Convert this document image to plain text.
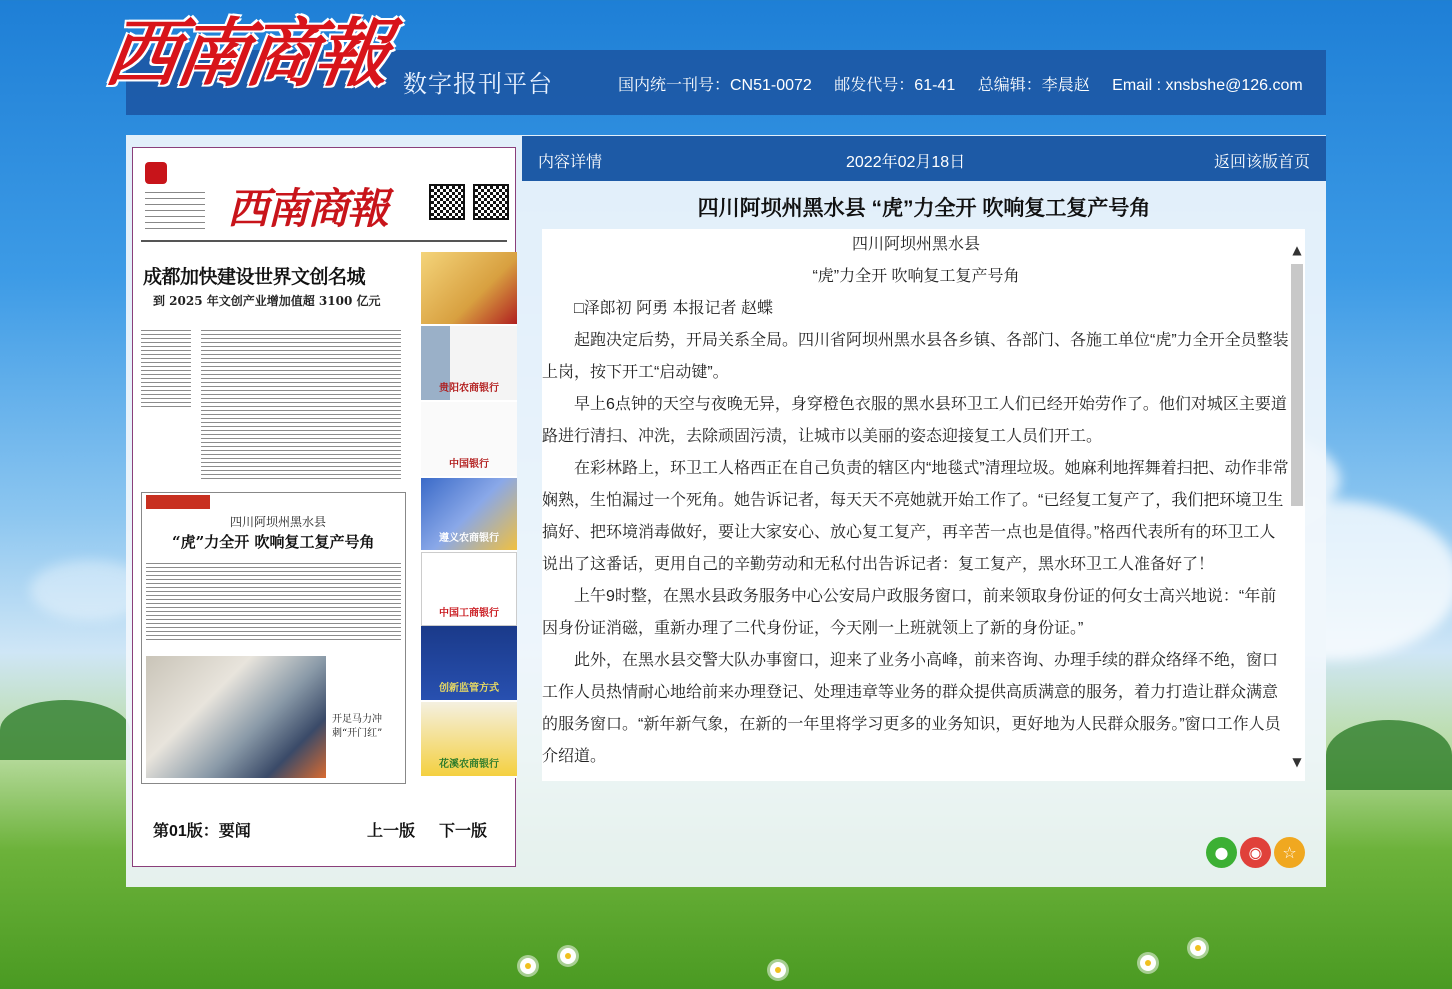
西南商報 数字报刊平台	国内统一刊号：CN51-0072 邮发代号：61-41 总编辑：李晨赵 Email : xnsbshe@126.com
西南商報
成都加快建设世界文创名城
到 2025 年文创产业增加值超 3100 亿元
四川阿坝州黑水县
“虎”力全开 吹响复工复产号角
开足马力冲刺“开门红”
贵阳农商银行
中国银行
遵义农商银行
中国工商银行
创新监管方式
花溪农商银行
第01版：要闻	上一版 下一版
内容详情	2022年02月18日	返回该版首页
四川阿坝州黑水县 “虎”力全开 吹响复工复产号角

四川阿坝州黑水县

“虎”力全开 吹响复工复产号角

□泽郎初 阿勇 本报记者 赵蝶

起跑决定后势，开局关系全局。四川省阿坝州黑水县各乡镇、各部门、各施工单位“虎”力全开全员整装上岗，按下开工“启动键”。

早上6点钟的天空与夜晚无异，身穿橙色衣服的黑水县环卫工人们已经开始劳作了。他们对城区主要道路进行清扫、冲洗，去除顽固污渍，让城市以美丽的姿态迎接复工人员们开工。

在彩林路上，环卫工人格西正在自己负责的辖区内“地毯式”清理垃圾。她麻利地挥舞着扫把、动作非常娴熟，生怕漏过一个死角。她告诉记者，每天天不亮她就开始工作了。“已经复工复产了，我们把环境卫生搞好、把环境消毒做好，要让大家安心、放心复工复产，再辛苦一点也是值得。”格西代表所有的环卫工人说出了这番话，更用自己的辛勤劳动和无私付出告诉记者：复工复产，黑水环卫工人准备好了！

上午9时整，在黑水县政务服务中心公安局户政服务窗口，前来领取身份证的何女士高兴地说：“年前因身份证消磁，重新办理了二代身份证，今天刚一上班就领上了新的身份证。”

此外，在黑水县交警大队办事窗口，迎来了业务小高峰，前来咨询、办理手续的群众络绎不绝，窗口工作人员热情耐心地给前来办理登记、处理违章等业务的群众提供高质满意的服务，着力打造让群众满意的服务窗口。“新年新气象，在新的一年里将学习更多的业务知识，更好地为人民群众服务。”窗口工作人员介绍道。

▲
▼
●	◉	☆
